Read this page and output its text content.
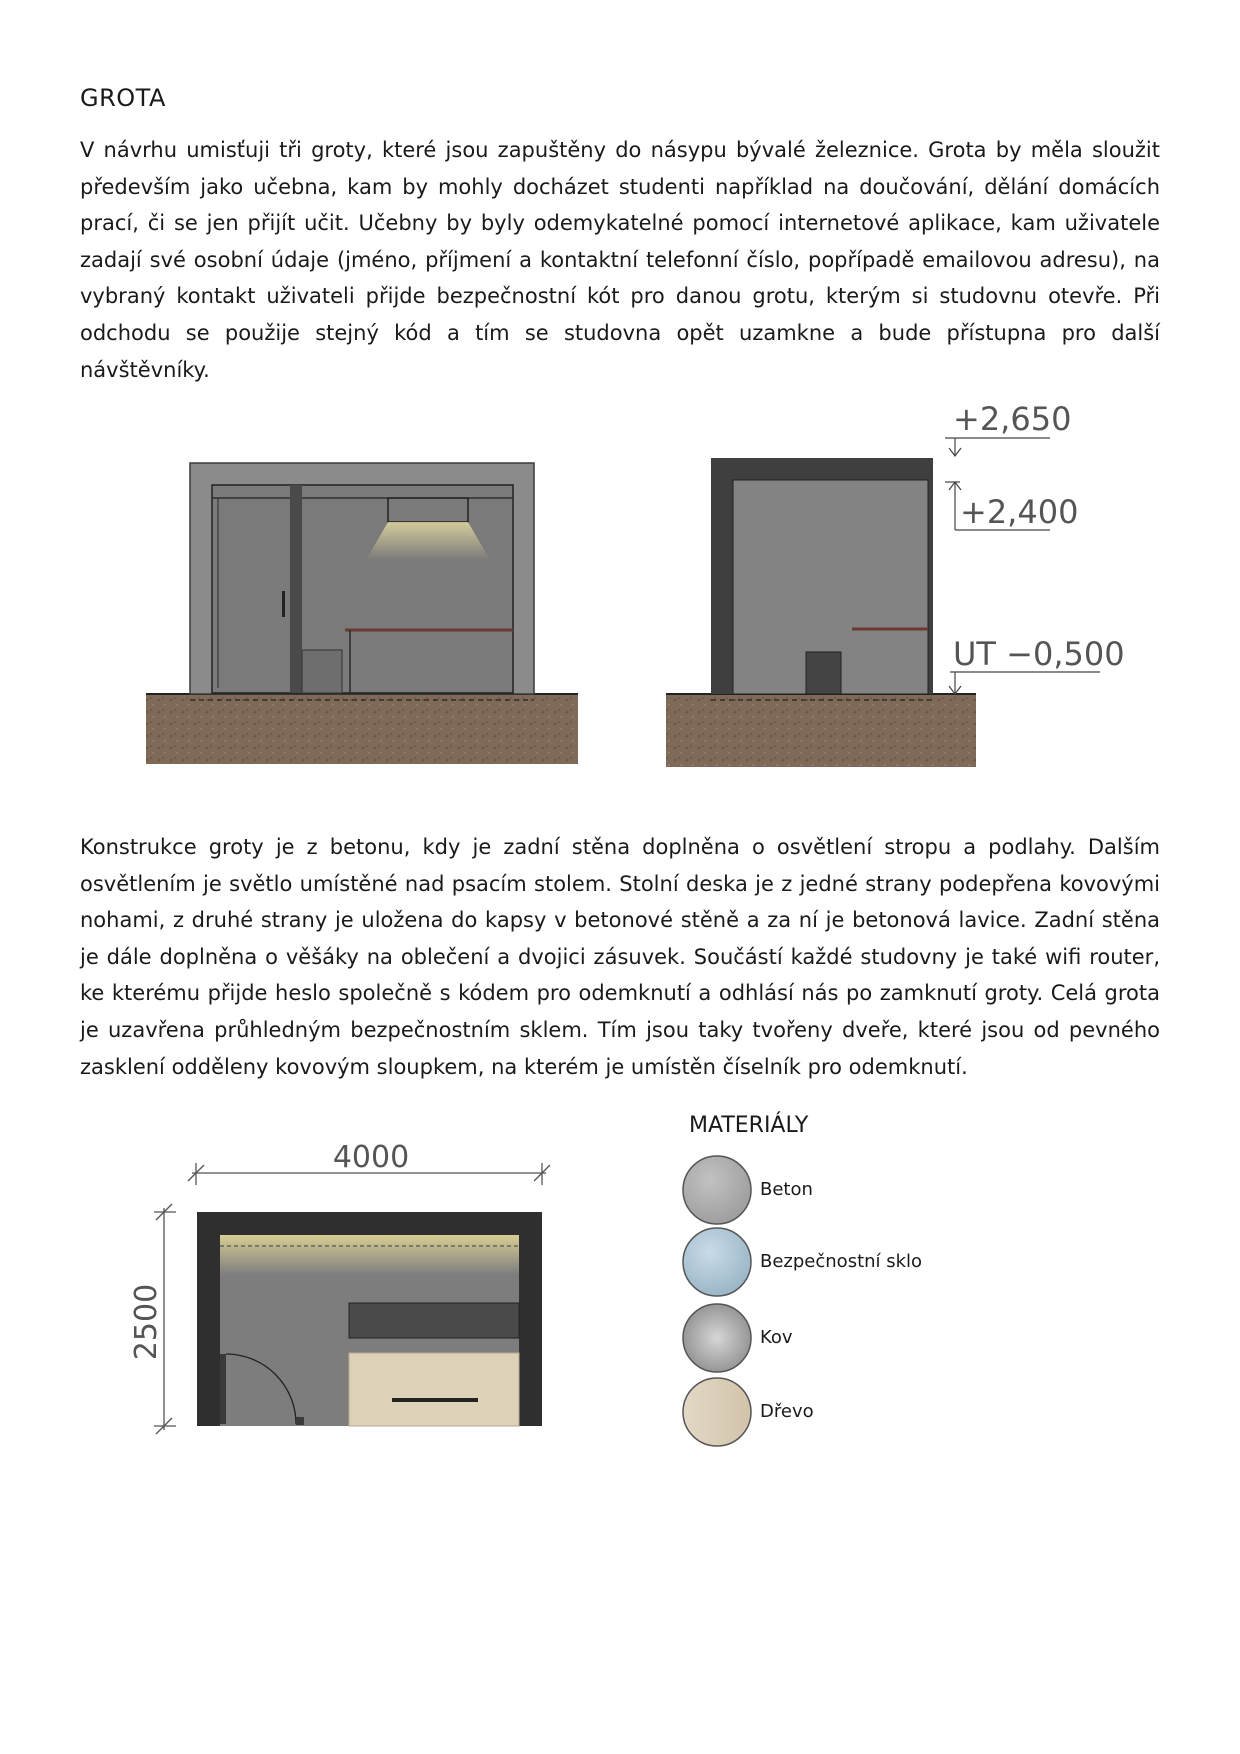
GROTA

V návrhu umisťuji tři groty, které jsou zapuštěny do násypu bývalé železnice. Grota by měla sloužit především jako učebna, kam by mohly docházet studenti například na doučování, dělání domácích prací, či se jen přijít učit. Učebny by byly odemykatelné pomocí internetové aplikace, kam uživatele zadají své osobní údaje (jméno, příjmení a kontaktní telefonní číslo, popřípadě emailovou adresu), na vybraný kontakt uživateli přijde bezpečnostní kót pro danou grotu, kterým si studovnu otevře. Při odchodu se použije stejný kód a tím se studovna opět uzamkne a bude přístupna pro další návštěvníky.

Konstrukce groty je z betonu, kdy je zadní stěna doplněna o osvětlení stropu a podlahy. Dalším osvětlením je světlo umístěné nad psacím stolem. Stolní deska je z jedné strany podepřena kovovými nohami, z druhé strany je uložena do kapsy v betonové stěně a za ní je betonová lavice. Zadní stěna je dále doplněna o věšáky na oblečení a dvojici zásuvek. Součástí každé studovny je také wifi router, ke kterému přijde heslo společně s kódem pro odemknutí a odhlásí nás po zamknutí groty. Celá grota je uzavřena průhledným bezpečnostním sklem. Tím jsou taky tvořeny dveře, které jsou od pevného zasklení odděleny kovovým sloupkem, na kterém je umístěn číselník pro odemknutí.

+2,650
+2,400
UT −0,500
4000
2500
MATERIÁLY
Beton
Bezpečnostní sklo
Kov
Dřevo
